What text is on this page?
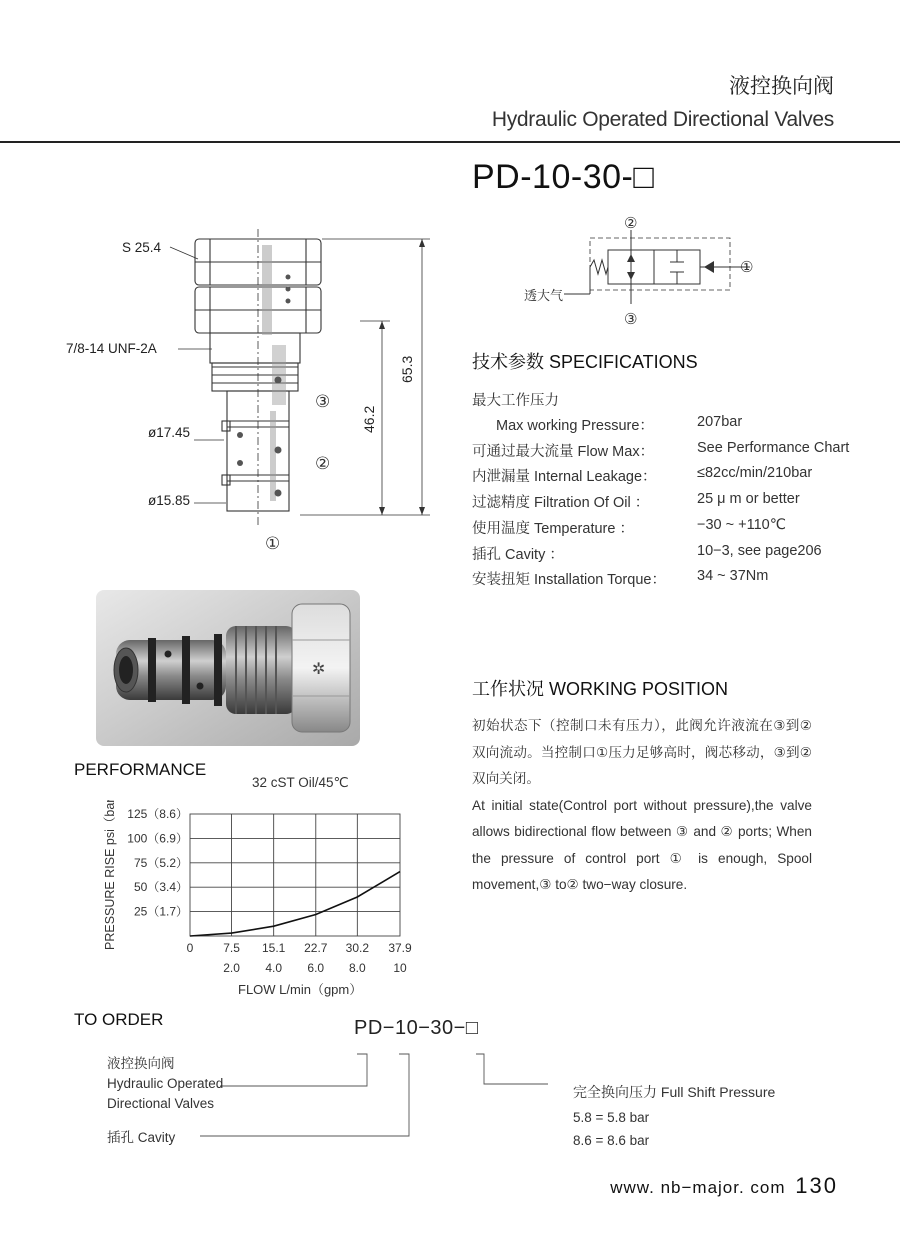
液控换向阀
Hydraulic Operated Directional Valves
PD-10-30-□
S 25.4
7/8-14 UNF-2A
ø17.45
ø15.85
65.3
46.2
③
②
①
②
③
①
透大气
技术参数 SPECIFICATIONS
最大工作压力
Max working Pressure：	207bar
可通过最大流量 Flow Max：	See Performance Chart
内泄漏量 Internal Leakage：	≤82cc/min/210bar
过滤精度 Filtration Of Oil ：	25 μ m or better
使用温度 Temperature ：	−30 ~ +110℃
插孔 Cavity ：	10−3, see page206
安装扭矩 Installation Torque： 34 ~ 37Nm
✲
工作状况 WORKING POSITION
初始状态下（控制口未有压力），此阀允许液流在③到②双向流动。当控制口①压力足够高时，阀芯移动，③到②双向关闭。
At initial state(Control port without pressure),the valve allows bidirectional flow between ③ and ② ports; When the pressure of control port ① is enough, Spool movement,③ to② two−way closure.
PERFORMANCE
32 cST Oil/45℃
7.5
2.0
15.1
4.0
22.7
6.0
30.2
8.0
37.9
10
0
25（1.7）
50（3.4）
75（5.2）
100（6.9）
125（8.6）
PRESSURE RISE psi（bar）
FLOW L/min（gpm）
TO ORDER	PD−10−30−□
液控换向阀
Hydraulic Operated
Directional Valves
插孔 Cavity
完全换向压力 Full Shift Pressure
5.8 = 5.8 bar
8.6 = 8.6 bar
www. nb−major. com 130
